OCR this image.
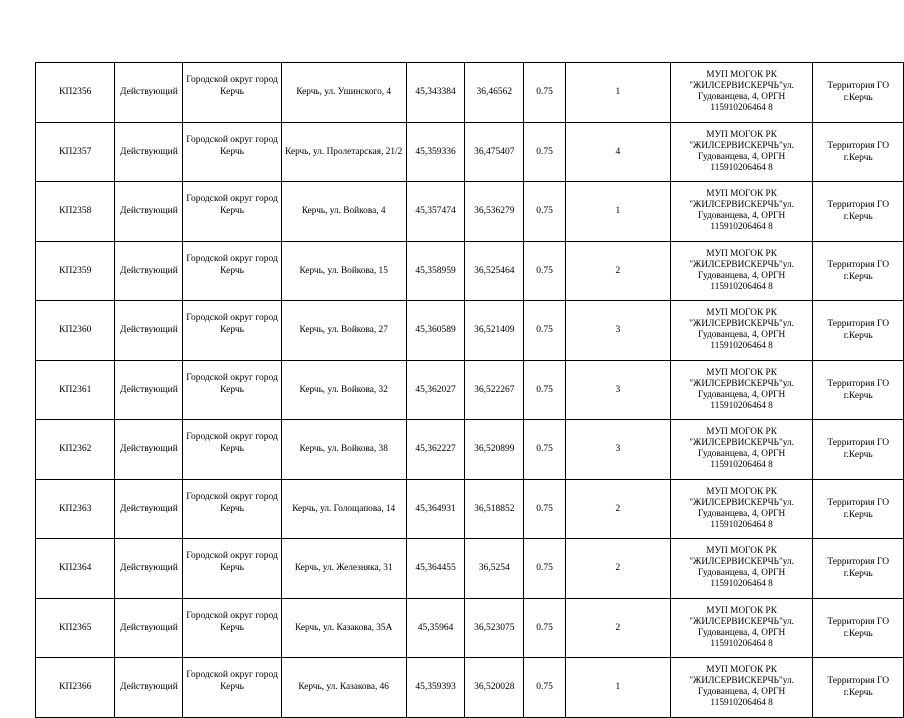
КП2356	Действующий	Городской округ город Керчь	Керчь, ул. Ушинского, 4	45,343384	36,46562	0.75	1	МУП МОГОК РК "ЖИЛСЕРВИСКЕРЧЬ"ул. Гудованцева, 4, ОРГН 115910206464 8	Территория ГО г.Керчь
КП2357	Действующий	Городской округ город Керчь	Керчь, ул. Пролетарская, 21/2	45,359336	36,475407	0.75	4	МУП МОГОК РК "ЖИЛСЕРВИСКЕРЧЬ"ул. Гудованцева, 4, ОРГН 115910206464 8	Территория ГО г.Керчь
КП2358	Действующий	Городской округ город Керчь	Керчь, ул. Войкова, 4	45,357474	36,536279	0.75	1	МУП МОГОК РК "ЖИЛСЕРВИСКЕРЧЬ"ул. Гудованцева, 4, ОРГН 115910206464 8	Территория ГО г.Керчь
КП2359	Действующий	Городской округ город Керчь	Керчь, ул. Войкова, 15	45,358959	36,525464	0.75	2	МУП МОГОК РК "ЖИЛСЕРВИСКЕРЧЬ"ул. Гудованцева, 4, ОРГН 115910206464 8	Территория ГО г.Керчь
КП2360	Действующий	Городской округ город Керчь	Керчь, ул. Войкова, 27	45,360589	36,521409	0.75	3	МУП МОГОК РК "ЖИЛСЕРВИСКЕРЧЬ"ул. Гудованцева, 4, ОРГН 115910206464 8	Территория ГО г.Керчь
КП2361	Действующий	Городской округ город Керчь	Керчь, ул. Войкова, 32	45,362027	36,522267	0.75	3	МУП МОГОК РК "ЖИЛСЕРВИСКЕРЧЬ"ул. Гудованцева, 4, ОРГН 115910206464 8	Территория ГО г.Керчь
КП2362	Действующий	Городской округ город Керчь	Керчь, ул. Войкова, 38	45,362227	36,520899	0.75	3	МУП МОГОК РК "ЖИЛСЕРВИСКЕРЧЬ"ул. Гудованцева, 4, ОРГН 115910206464 8	Территория ГО г.Керчь
КП2363	Действующий	Городской округ город Керчь	Керчь, ул. Голощапова, 14	45,364931	36,518852	0.75	2	МУП МОГОК РК "ЖИЛСЕРВИСКЕРЧЬ"ул. Гудованцева, 4, ОРГН 115910206464 8	Территория ГО г.Керчь
КП2364	Действующий	Городской округ город Керчь	Керчь, ул. Железняка, 31	45,364455	36,5254	0.75	2	МУП МОГОК РК "ЖИЛСЕРВИСКЕРЧЬ"ул. Гудованцева, 4, ОРГН 115910206464 8	Территория ГО г.Керчь
КП2365	Действующий	Городской округ город Керчь	Керчь, ул. Казакова, 35А	45,35964	36,523075	0.75	2	МУП МОГОК РК "ЖИЛСЕРВИСКЕРЧЬ"ул. Гудованцева, 4, ОРГН 115910206464 8	Территория ГО г.Керчь
КП2366	Действующий	Городской округ город Керчь	Керчь, ул. Казакова, 46	45,359393	36,520028	0.75	1	МУП МОГОК РК "ЖИЛСЕРВИСКЕРЧЬ"ул. Гудованцева, 4, ОРГН 115910206464 8	Территория ГО г.Керчь
